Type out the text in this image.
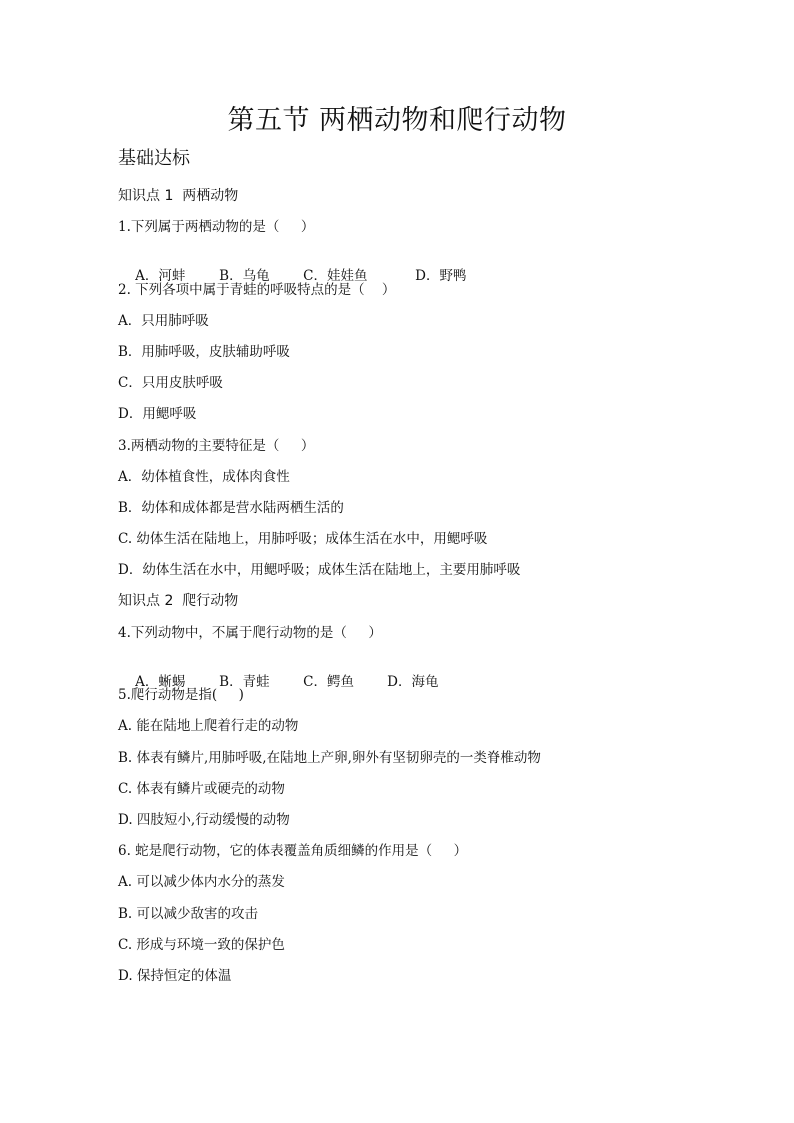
第五节 两栖动物和爬行动物
基础达标
知识点 1  两栖动物
1.下列属于两栖动物的是（     ）

A．河蚌	B．乌龟 C．娃娃鱼	D．野鸭

2. 下列各项中属于青蛙的呼吸特点的是（    ）
A．只用肺呼吸
B．用肺呼吸，皮肤辅助呼吸
C．只用皮肤呼吸
D．用鳃呼吸
3.两栖动物的主要特征是（     ）
A．幼体植食性，成体肉食性
B．幼体和成体都是营水陆两栖生活的
C. 幼体生活在陆地上，用肺呼吸；成体生活在水中，用鳃呼吸
D．幼体生活在水中，用鳃呼吸；成体生活在陆地上，主要用肺呼吸
知识点 2  爬行动物
4.下列动物中，不属于爬行动物的是（     ）

A．蜥蜴	B．青蛙 C．鳄鱼 D．海龟

5.爬行动物是指(     )
A. 能在陆地上爬着行走的动物
B. 体表有鳞片,用肺呼吸,在陆地上产卵,卵外有坚韧卵壳的一类脊椎动物
C. 体表有鳞片或硬壳的动物
D. 四肢短小,行动缓慢的动物
6. 蛇是爬行动物，它的体表覆盖角质细鳞的作用是（     ）
A. 可以减少体内水分的蒸发
B. 可以减少敌害的攻击
C. 形成与环境一致的保护色
D. 保持恒定的体温
